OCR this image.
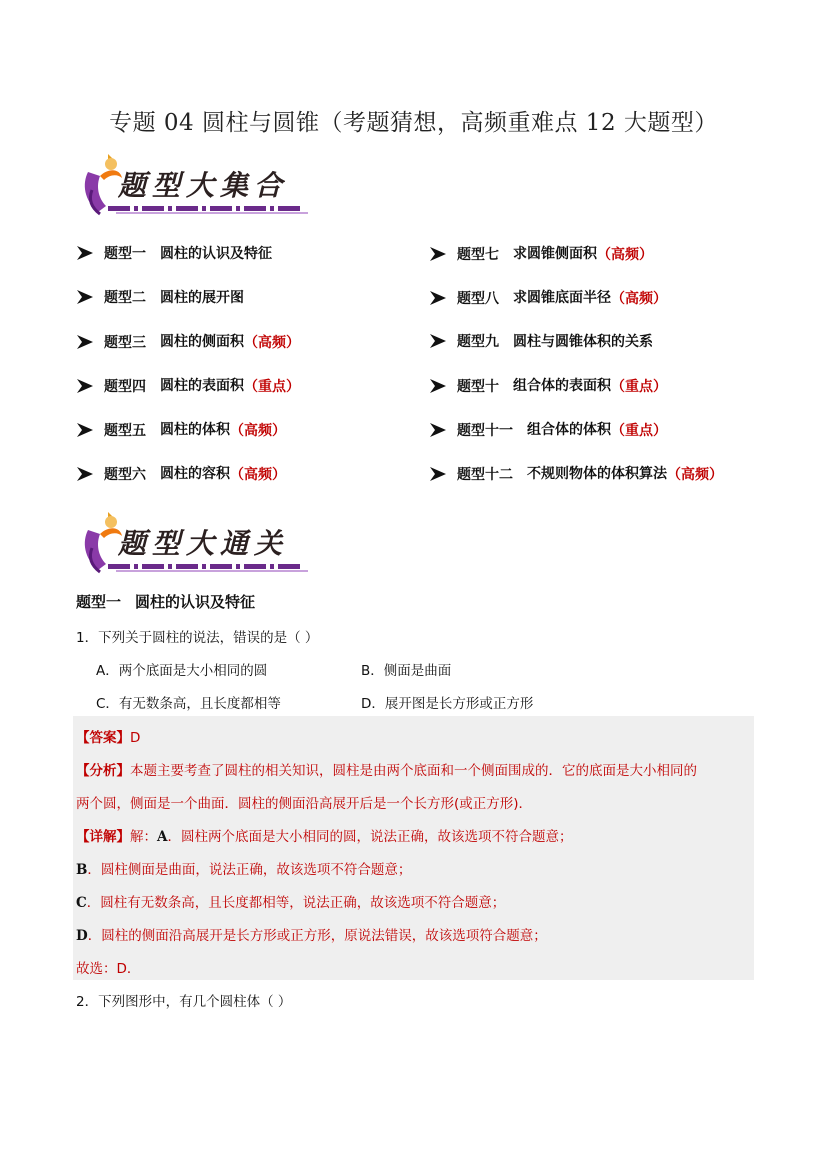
专题 04 圆柱与圆锥（考题猜想，高频重难点 12 大题型）
题型大集合
题型一 圆柱的认识及特征
题型二 圆柱的展开图
题型三 圆柱的侧面积（高频）
题型四 圆柱的表面积（重点）
题型五 圆柱的体积（高频）
题型六 圆柱的容积（高频）
题型七 求圆锥侧面积（高频）
题型八 求圆锥底面半径（高频）
题型九 圆柱与圆锥体积的关系
题型十 组合体的表面积（重点）
题型十一 组合体的体积（重点）
题型十二 不规则物体的体积算法（高频）
题型大通关
题型一 圆柱的认识及特征
1．下列关于圆柱的说法，错误的是（ ）
A．两个底面是大小相同的圆	B．侧面是曲面
C．有无数条高，且长度都相等	D．展开图是长方形或正方形
【答案】D
【分析】本题主要考查了圆柱的相关知识，圆柱是由两个底面和一个侧面围成的．它的底面是大小相同的
两个圆，侧面是一个曲面．圆柱的侧面沿高展开后是一个长方形(或正方形)．
【详解】解：A．圆柱两个底面是大小相同的圆，说法正确，故该选项不符合题意；
B．圆柱侧面是曲面，说法正确，故该选项不符合题意；
C．圆柱有无数条高，且长度都相等，说法正确，故该选项不符合题意；
D．圆柱的侧面沿高展开是长方形或正方形，原说法错误，故该选项符合题意；
故选：D．
2．下列图形中，有几个圆柱体（ ）
